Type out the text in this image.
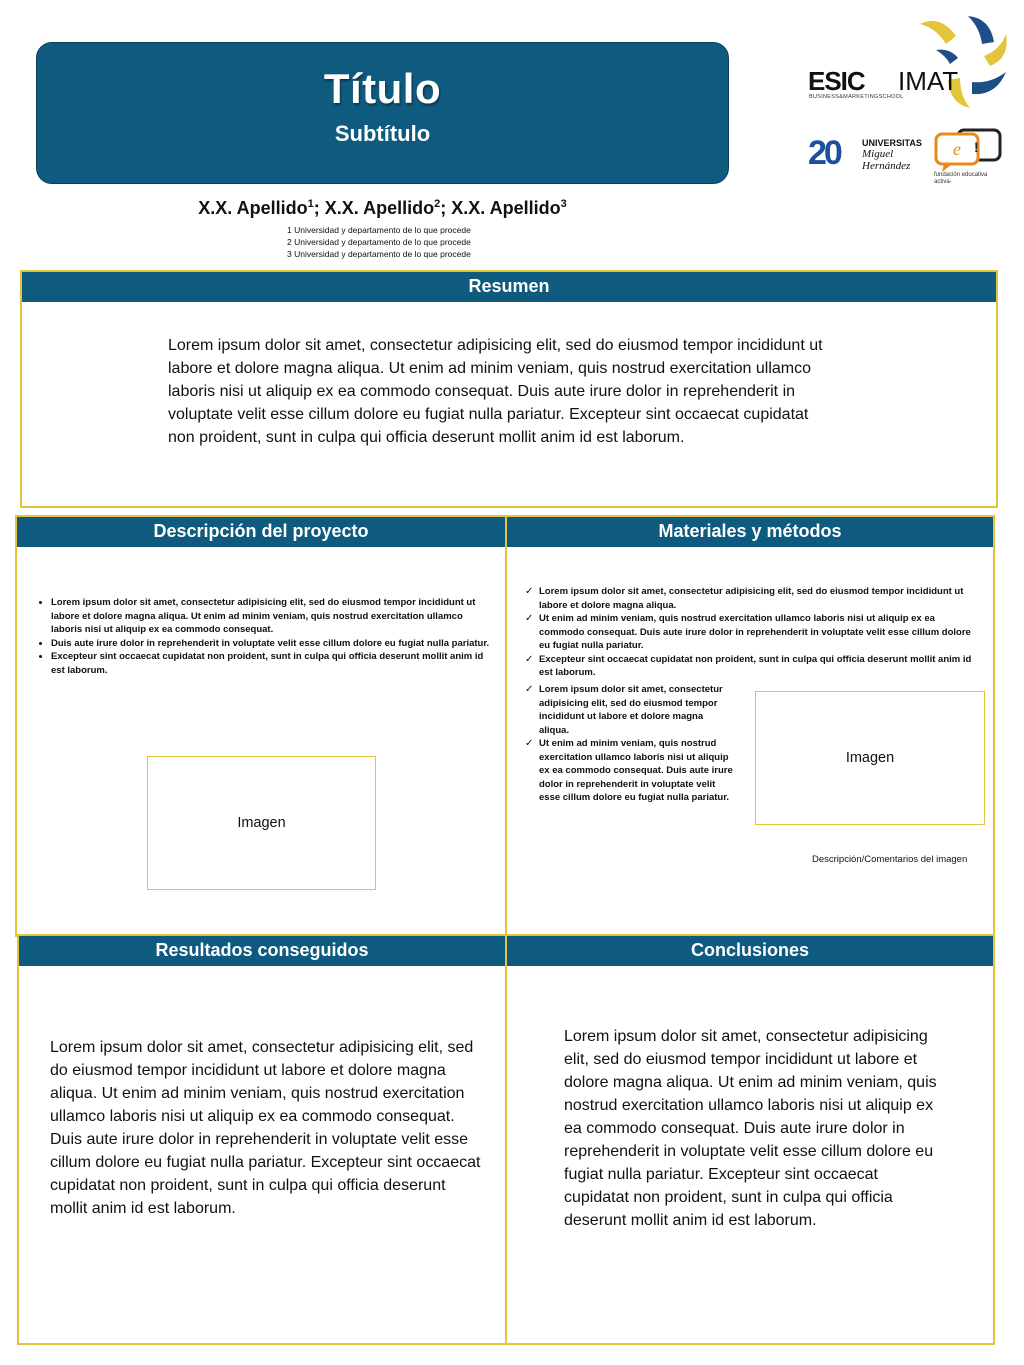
Título
Subtítulo
X.X. Apellido$^1$; X.X. Apellido$^2$; X.X. Apellido$^3$
1 Universidad y departamento de lo que procede
2 Universidad y departamento de lo que procede
3 Universidad y departamento de lo que procede
ESIC
BUSINESS&MARKETINGSCHOOL
IMAT
20 UNIVERSITAS
Miguel
Hernández
e !
fundación educativa
activa-
Resumen
Lorem ipsum dolor sit amet, consectetur adipisicing elit, sed do eiusmod tempor incididunt ut labore et dolore magna aliqua. Ut enim ad minim veniam, quis nostrud exercitation ullamco laboris nisi ut aliquip ex ea commodo consequat. Duis aute irure dolor in reprehenderit in voluptate velit esse cillum dolore eu fugiat nulla pariatur. Excepteur sint occaecat cupidatat non proident, sunt in culpa qui officia deserunt mollit anim id est laborum.
Descripción del proyecto
• Lorem ipsum dolor sit amet, consectetur adipisicing elit, sed do eiusmod tempor incididunt ut labore et dolore magna aliqua. Ut enim ad minim veniam, quis nostrud exercitation ullamco laboris nisi ut aliquip ex ea commodo consequat.
• Duis aute irure dolor in reprehenderit in voluptate velit esse cillum dolore eu fugiat nulla pariatur.
• Excepteur sint occaecat cupidatat non proident, sunt in culpa qui officia deserunt mollit anim id est laborum.
Imagen
Materiales y métodos
✓ Lorem ipsum dolor sit amet, consectetur adipisicing elit, sed do eiusmod tempor incididunt ut labore et dolore magna aliqua.
✓ Ut enim ad minim veniam, quis nostrud exercitation ullamco laboris nisi ut aliquip ex ea commodo consequat. Duis aute irure dolor in reprehenderit in voluptate velit esse cillum dolore eu fugiat nulla pariatur.
✓ Excepteur sint occaecat cupidatat non proident, sunt in culpa qui officia deserunt mollit anim id est laborum.
✓ Lorem ipsum dolor sit amet, consectetur adipisicing elit, sed do eiusmod tempor incididunt ut labore et dolore magna aliqua.
✓ Ut enim ad minim veniam, quis nostrud exercitation ullamco laboris nisi ut aliquip ex ea commodo consequat. Duis aute irure dolor in reprehenderit in voluptate velit esse cillum dolore eu fugiat nulla pariatur.
Imagen
Descripción/Comentarios del imagen
Resultados conseguidos
Lorem ipsum dolor sit amet, consectetur adipisicing elit, sed do eiusmod tempor incididunt ut labore et dolore magna aliqua. Ut enim ad minim veniam, quis nostrud exercitation ullamco laboris nisi ut aliquip ex ea commodo consequat. Duis aute irure dolor in reprehenderit in voluptate velit esse cillum dolore eu fugiat nulla pariatur. Excepteur sint occaecat cupidatat non proident, sunt in culpa qui officia deserunt mollit anim id est laborum.
Conclusiones
Lorem ipsum dolor sit amet, consectetur adipisicing elit, sed do eiusmod tempor incididunt ut labore et dolore magna aliqua. Ut enim ad minim veniam, quis nostrud exercitation ullamco laboris nisi ut aliquip ex ea commodo consequat. Duis aute irure dolor in reprehenderit in voluptate velit esse cillum dolore eu fugiat nulla pariatur. Excepteur sint occaecat cupidatat non proident, sunt in culpa qui officia deserunt mollit anim id est laborum.
